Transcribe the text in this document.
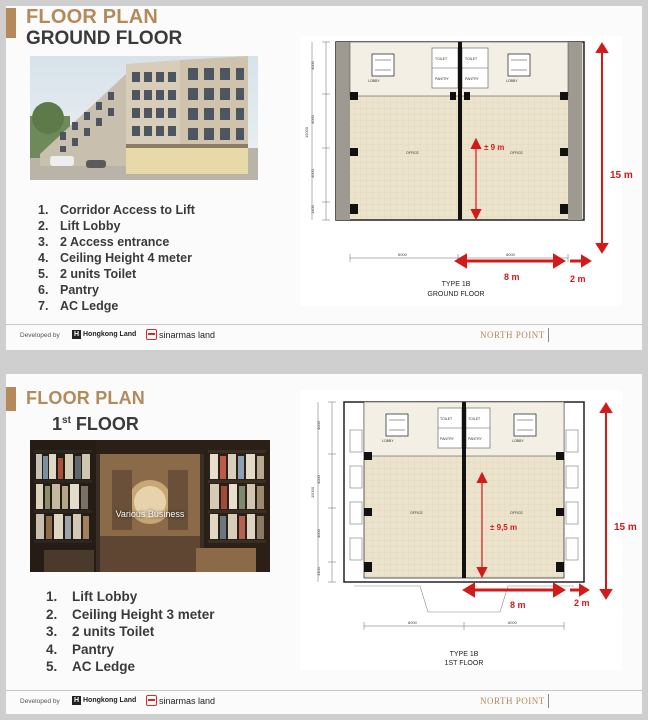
FLOOR PLAN
GROUND FLOOR
1. Corridor Access to Lift
2. Lift Lobby
3. 2 Access entrance
4. Ceiling Height 4 meter
5. 2 units Toilet
6. Pantry
7. AC Ledge
LOBBY	LOBBY
TOILET	TOILET
PANTRY	PANTRY
OFFICE	OFFICE
4000
4000
4000
1400
15000
8000	8000
15 m
± 9 m
8 m	2 m
TYPE 1B
GROUND FLOOR
Developed by H Hongkong Land	sinarmas land	NORTH POINT
FLOOR PLAN
1st FLOOR
Various Business
1. Lift Lobby
2. Ceiling Height 3 meter
3. 2 units Toilet
4. Pantry
5. AC Ledge
LOBBY	LOBBY
TOILET	TOILET
PANTRY	PANTRY
OFFICE	OFFICE
4000
4000
4000
1400
15000
8000	8000
15 m
± 9,5 m
8 m	2 m
TYPE 1B
1ST FLOOR
Developed by H Hongkong Land	sinarmas land	NORTH POINT
